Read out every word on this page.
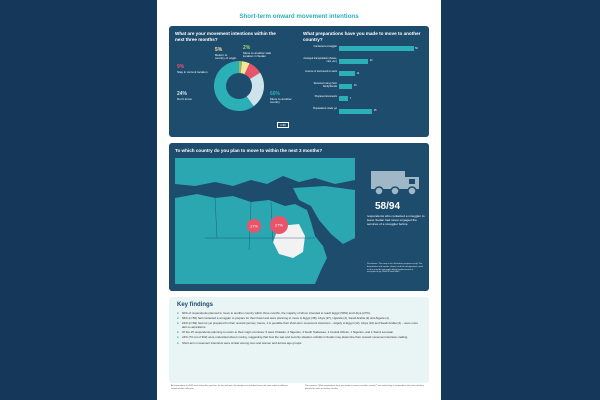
Short-term onward movement intentions
What are your movement intentions within the next three months?
5%
Return to country of origin
2%
Move to another safe location in Sudan
9%
Stay in current location
24%
Don't know
60%
Move to another country
n=60
What preparations have you made to move to another country?
Contacted a smuggler
56
Arranged transportation (buses, cars, etc.)	22
Licence or documents to work
12
Received money from family/friends	10
Prepared documents
7
Preparations made yet
25
To which country do you plan to move to within the next 3 months?
17%	27%
58/94
respondents who contacted a smuggler to leave Sudan had never engaged the services of a smuggler before
Disclaimer: This map is for illustration purposes only. The boundaries and names shown, and the designations used on this map do not imply official endorsement or acceptance by UNHCR and MMC.
Key findings
■ 60% of respondents planned to move to another country within three months, the majority of whom intended to reach Egypt (59%) and Libya (27%).
■ 56% (n=56) had contacted a smuggler to prepare for their travel and were planning to move to Egypt (38), Libya (27), Uganda (4), Saudi Arabia (2) and Algeria (1).
■ 22% (n=69) had not yet prepared for their onward journey; hence, it is possible their short-term movement intentions – largely to Egypt (12), Libya (10) and Saudi Arabia (4) – were more akin to aspirations.
■ Of the 15 respondents planning to return to their origin countries: 5 were Chadian, 4 Nigerian, 3 South Sudanese, 2 Central African, 1 Nigerien, and 1 Sierra Leonean.
■ 24% (73 out of 302) were undecided about moving, suggesting that how the war and security situation unfolds in Sudan may determine their onward movement decision-making.
■ Short-term movement intentions were similar among men and women and across age groups.
All respondents (n=302) were asked this question; for this indicator, the sample size includes those who were asked in different rounds of data collection.
The question "What preparations have you made to move to another country?" was asked only of respondents who had said they planned to move to another country.
